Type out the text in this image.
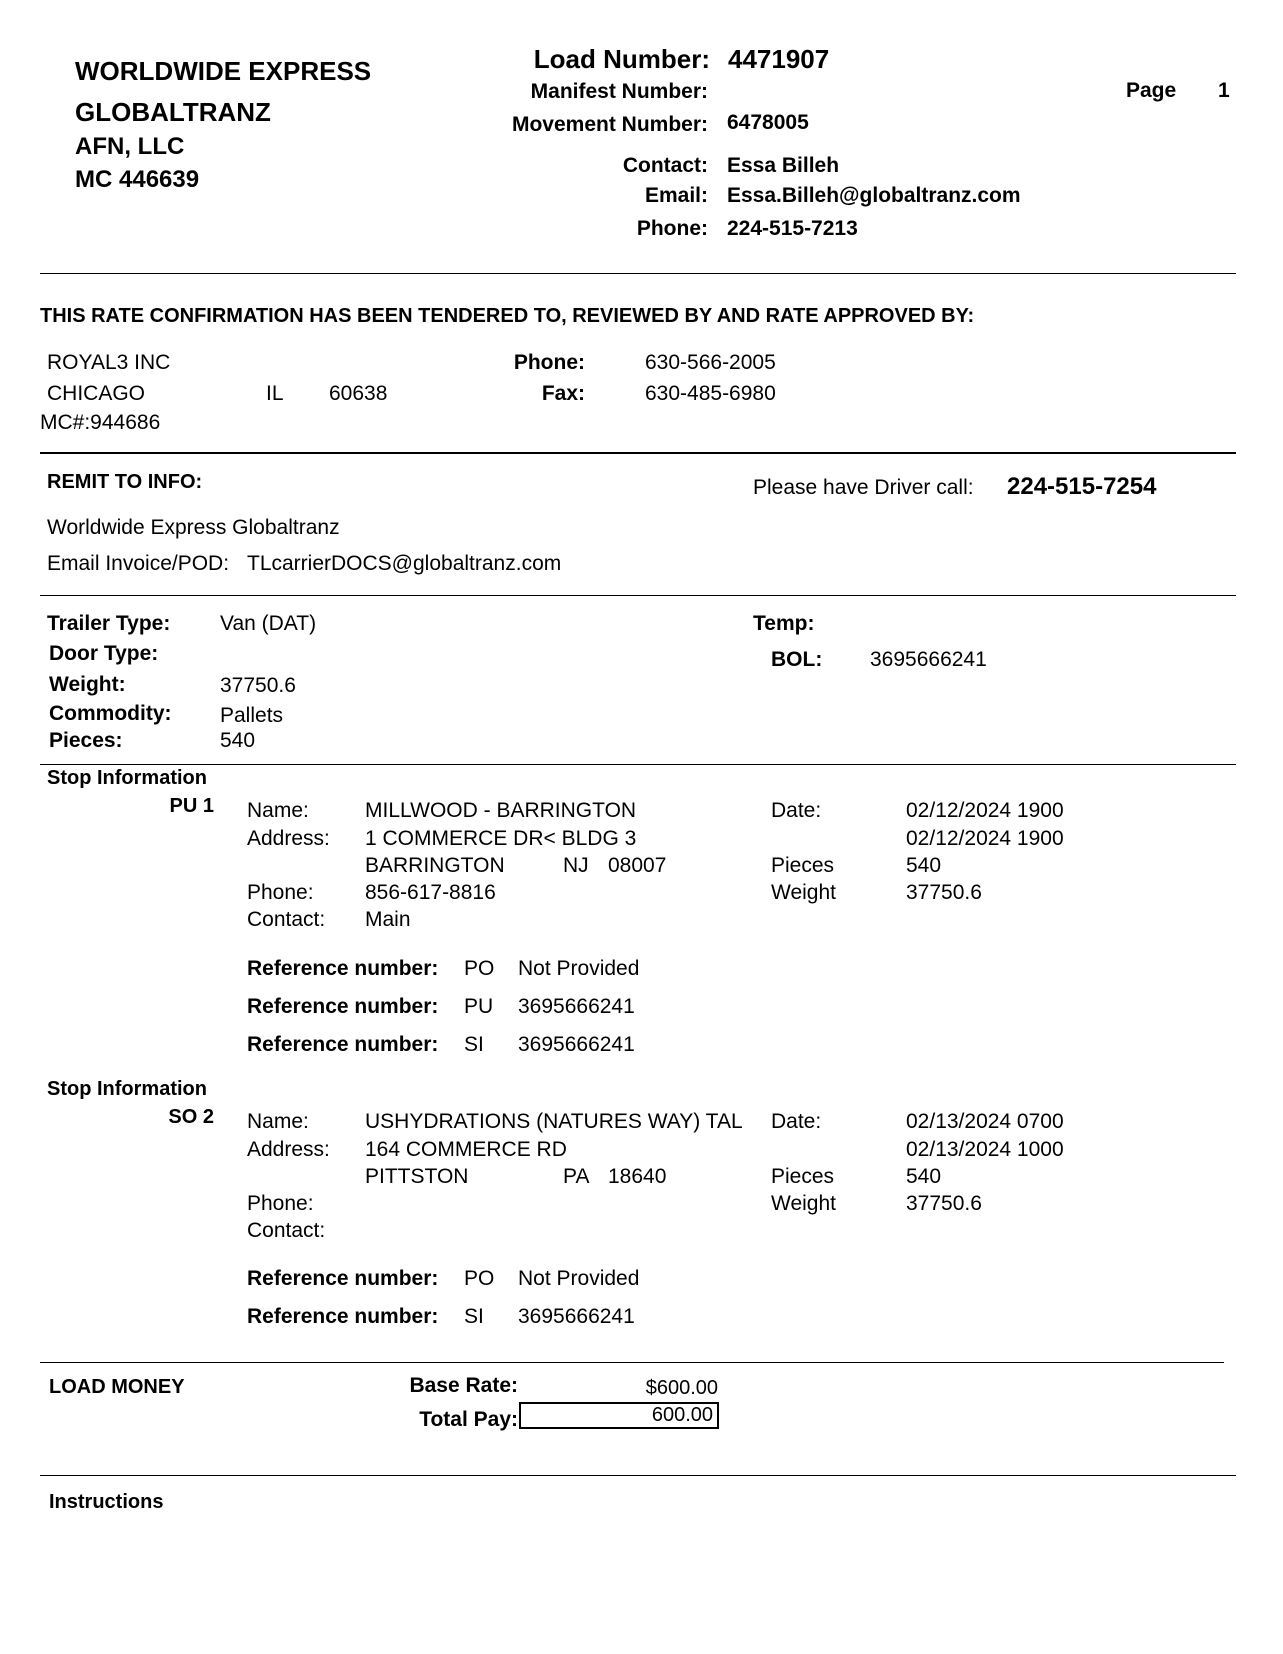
WORLDWIDE EXPRESS
GLOBALTRANZ
AFN, LLC
MC 446639
Load Number: 4471907
Manifest Number:
Movement Number: 6478005
Contact: Essa Billeh
Email: Essa.Billeh@globaltranz.com
Phone: 224-515-7213
Page 1
THIS RATE CONFIRMATION HAS BEEN TENDERED TO, REVIEWED BY AND RATE APPROVED BY:
ROYAL3 INC
CHICAGO	IL 60638
MC#:944686
Phone:	630-566-2005
Fax:	630-485-6980
REMIT TO INFO:	Please have Driver call: 224-515-7254
Worldwide Express Globaltranz
Email Invoice/POD: TLcarrierDOCS@globaltranz.com
Trailer Type: Van (DAT)
Door Type:
Weight:	37750.6
Commodity: Pallets
Pieces:	540
Temp:
BOL: 3695666241
Stop Information
PU 1 Name:	MILLWOOD - BARRINGTON
Address: 1 COMMERCE DR< BLDG 3
BARRINGTON	NJ 08007
Phone: 856-617-8816
Contact: Main
Date:	02/12/2024 1900
02/12/2024 1900
Pieces	540
Weight	37750.6
Reference number: PO Not Provided
Reference number: PU 3695666241
Reference number: SI 3695666241
Stop Information
SO 2 Name:	USHYDRATIONS (NATURES WAY) TAL
Address: 164 COMMERCE RD
PITTSTON	PA 18640
Phone:
Contact:
Date:	02/13/2024 0700
02/13/2024 1000
Pieces	540
Weight	37750.6
Reference number: PO Not Provided
Reference number: SI 3695666241
LOAD MONEY	Base Rate:	$600.00
Total Pay:	600.00
Instructions
